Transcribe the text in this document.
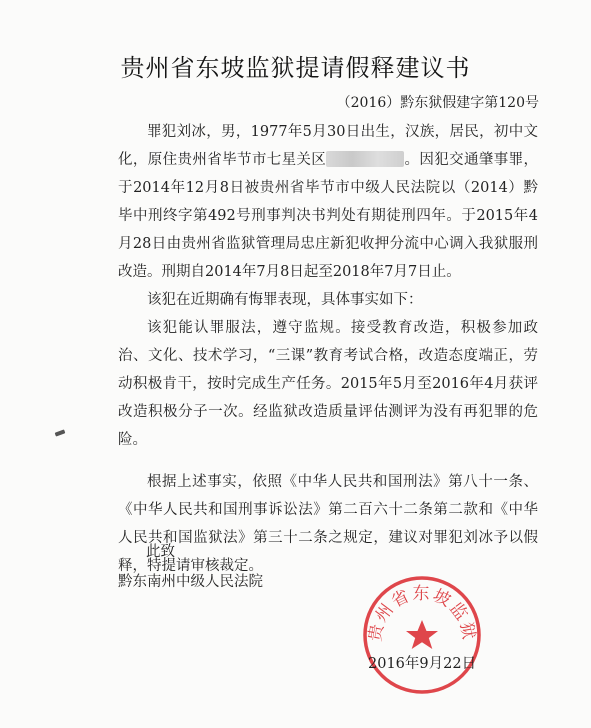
贵州省东坡监狱提请假释建议书
（2016）黔东狱假建字第120号

罪犯刘冰，男，1977年5月30日出生，汉族，居民，初中文化，原住贵州省毕节市七星关区	。因犯交通肇事罪，于2014年12月8日被贵州省毕节市中级人民法院以（2014）黔毕中刑终字第492号刑事判决书判处有期徒刑四年。于2015年4月28日由贵州省监狱管理局忠庄新犯收押分流中心调入我狱服刑改造。刑期自2014年7月8日起至2018年7月7日止。

该犯在近期确有悔罪表现，具体事实如下：

该犯能认罪服法，遵守监规。接受教育改造，积极参加政治、文化、技术学习，“三课”教育考试合格，改造态度端正，劳动积极肯干，按时完成生产任务。2015年5月至2016年4月获评改造积极分子一次。经监狱改造质量评估测评为没有再犯罪的危险。

根据上述事实，依照《中华人民共和国刑法》第八十一条、《中华人民共和国刑事诉讼法》第二百六十二条第二款和《中华人民共和国监狱法》第三十二条之规定，建议对罪犯刘冰予以假释，特提请审核裁定。

此致
黔东南州中级人民法院
贵州省东坡监狱
2016年9月22日
